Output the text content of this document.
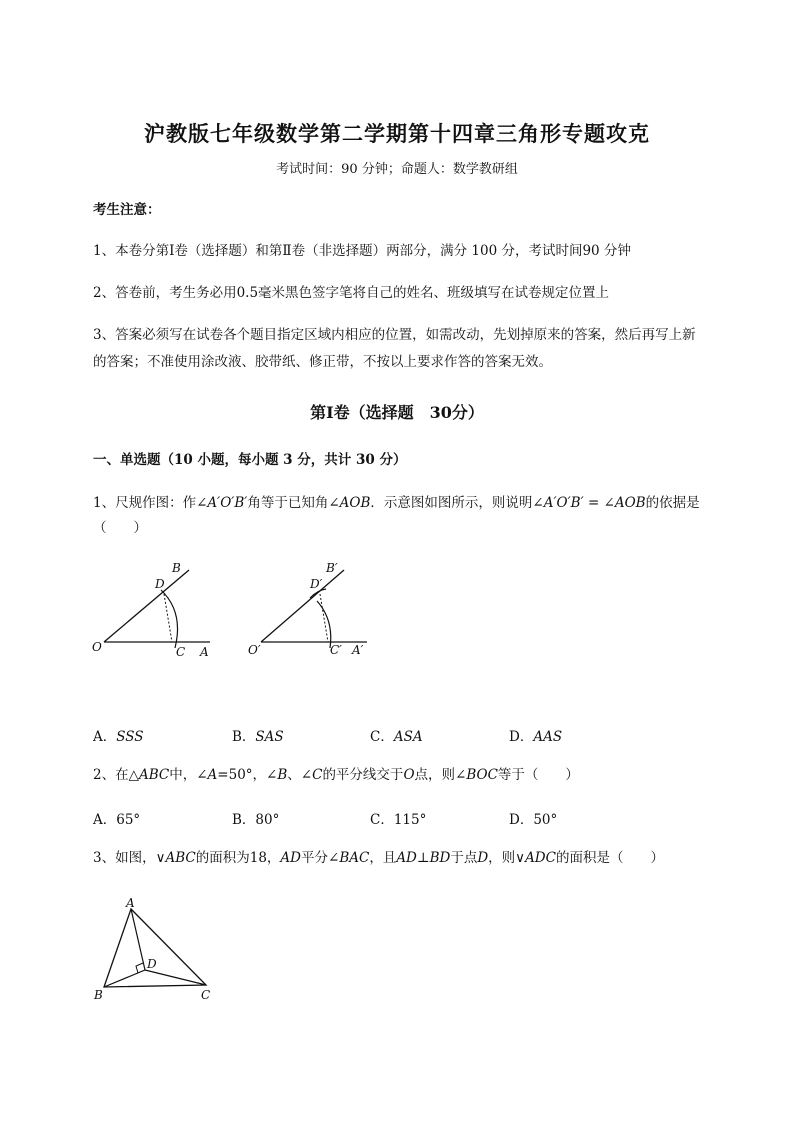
沪教版七年级数学第二学期第十四章三角形专题攻克
考试时间：90 分钟；命题人：数学教研组
考生注意：
1、本卷分第Ⅰ卷（选择题）和第Ⅱ卷（非选择题）两部分，满分 100 分，考试时间90 分钟
2、答卷前，考生务必用0.5毫米黑色签字笔将自己的姓名、班级填写在试卷规定位置上
3、答案必须写在试卷各个题目指定区域内相应的位置，如需改动，先划掉原来的答案，然后再写上新
的答案；不准使用涂改液、胶带纸、修正带，不按以上要求作答的答案无效。
第Ⅰ卷（选择题　30分）
一、单选题（10 小题，每小题 3 分，共计 30 分）
1、尺规作图：作∠A′O′B′角等于已知角∠AOB．示意图如图所示，则说明∠A′O′B′ = ∠AOB的依据是
（　　）
O	A
B
C
D
O′	A′
B′
C′
D′
A．SSS	B．SAS	C．ASA	D．AAS
2、在△ABC中，∠A=50°，∠B、∠C的平分线交于O点，则∠BOC等于（　　）
A．65°	B．80°	C．115°	D．50°
3、如图，∨ABC的面积为18，AD平分∠BAC，且AD⊥BD于点D，则∨ADC的面积是（　　）
A
B	C
D
